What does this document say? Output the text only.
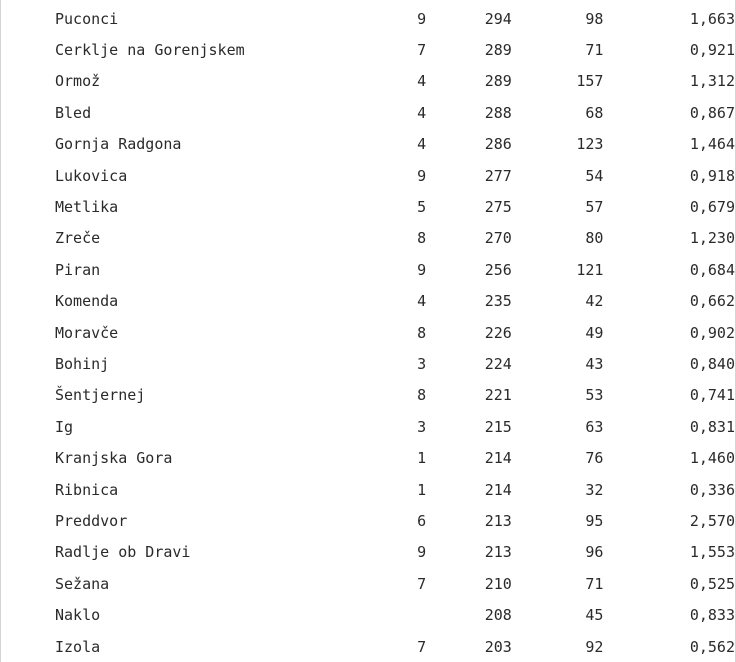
Puconci	9	294	98	1,663
Cerklje na Gorenjskem	7	289	71	0,921
Ormož	4	289	157	1,312
Bled	4	288	68	0,867
Gornja Radgona	4	286	123	1,464
Lukovica	9	277	54	0,918
Metlika	5	275	57	0,679
Zreče	8	270	80	1,230
Piran	9	256	121	0,684
Komenda	4	235	42	0,662
Moravče	8	226	49	0,902
Bohinj	3	224	43	0,840
Šentjernej	8	221	53	0,741
Ig	3	215	63	0,831
Kranjska Gora	1	214	76	1,460
Ribnica	1	214	32	0,336
Preddvor	6	213	95	2,570
Radlje ob Dravi	9	213	96	1,553
Sežana	7	210	71	0,525
Naklo		208	45	0,833
Izola	7	203	92	0,562
